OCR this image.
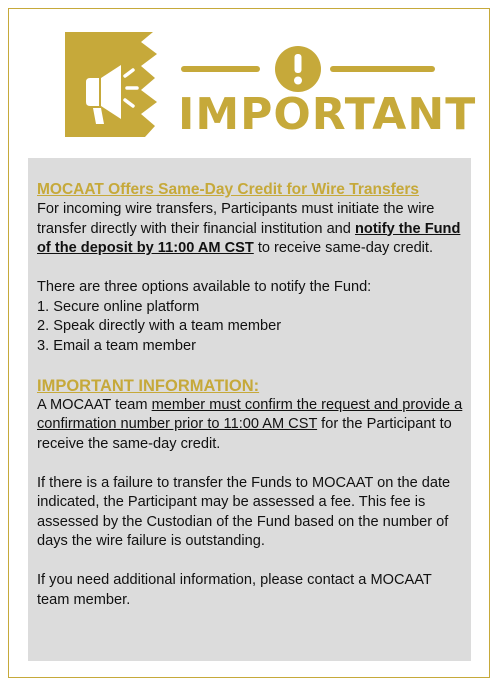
IMPORTANT
MOCAAT Offers Same-Day Credit for Wire Transfers

For incoming wire transfers, Participants must initiate the wire transfer directly with their financial institution and notify the Fund of the deposit by 11:00 AM CST to receive same-day credit.

There are three options available to notify the Fund:

1. Secure online platform

2. Speak directly with a team member

3. Email a team member

IMPORTANT INFORMATION:

A MOCAAT team member must confirm the request and provide a confirmation number prior to 11:00 AM CST for the Participant to receive the same-day credit.

If there is a failure to transfer the Funds to MOCAAT on the date indicated, the Participant may be assessed a fee. This fee is assessed by the Custodian of the Fund based on the number of days the wire failure is outstanding.

If you need additional information, please contact a MOCAAT team member.
